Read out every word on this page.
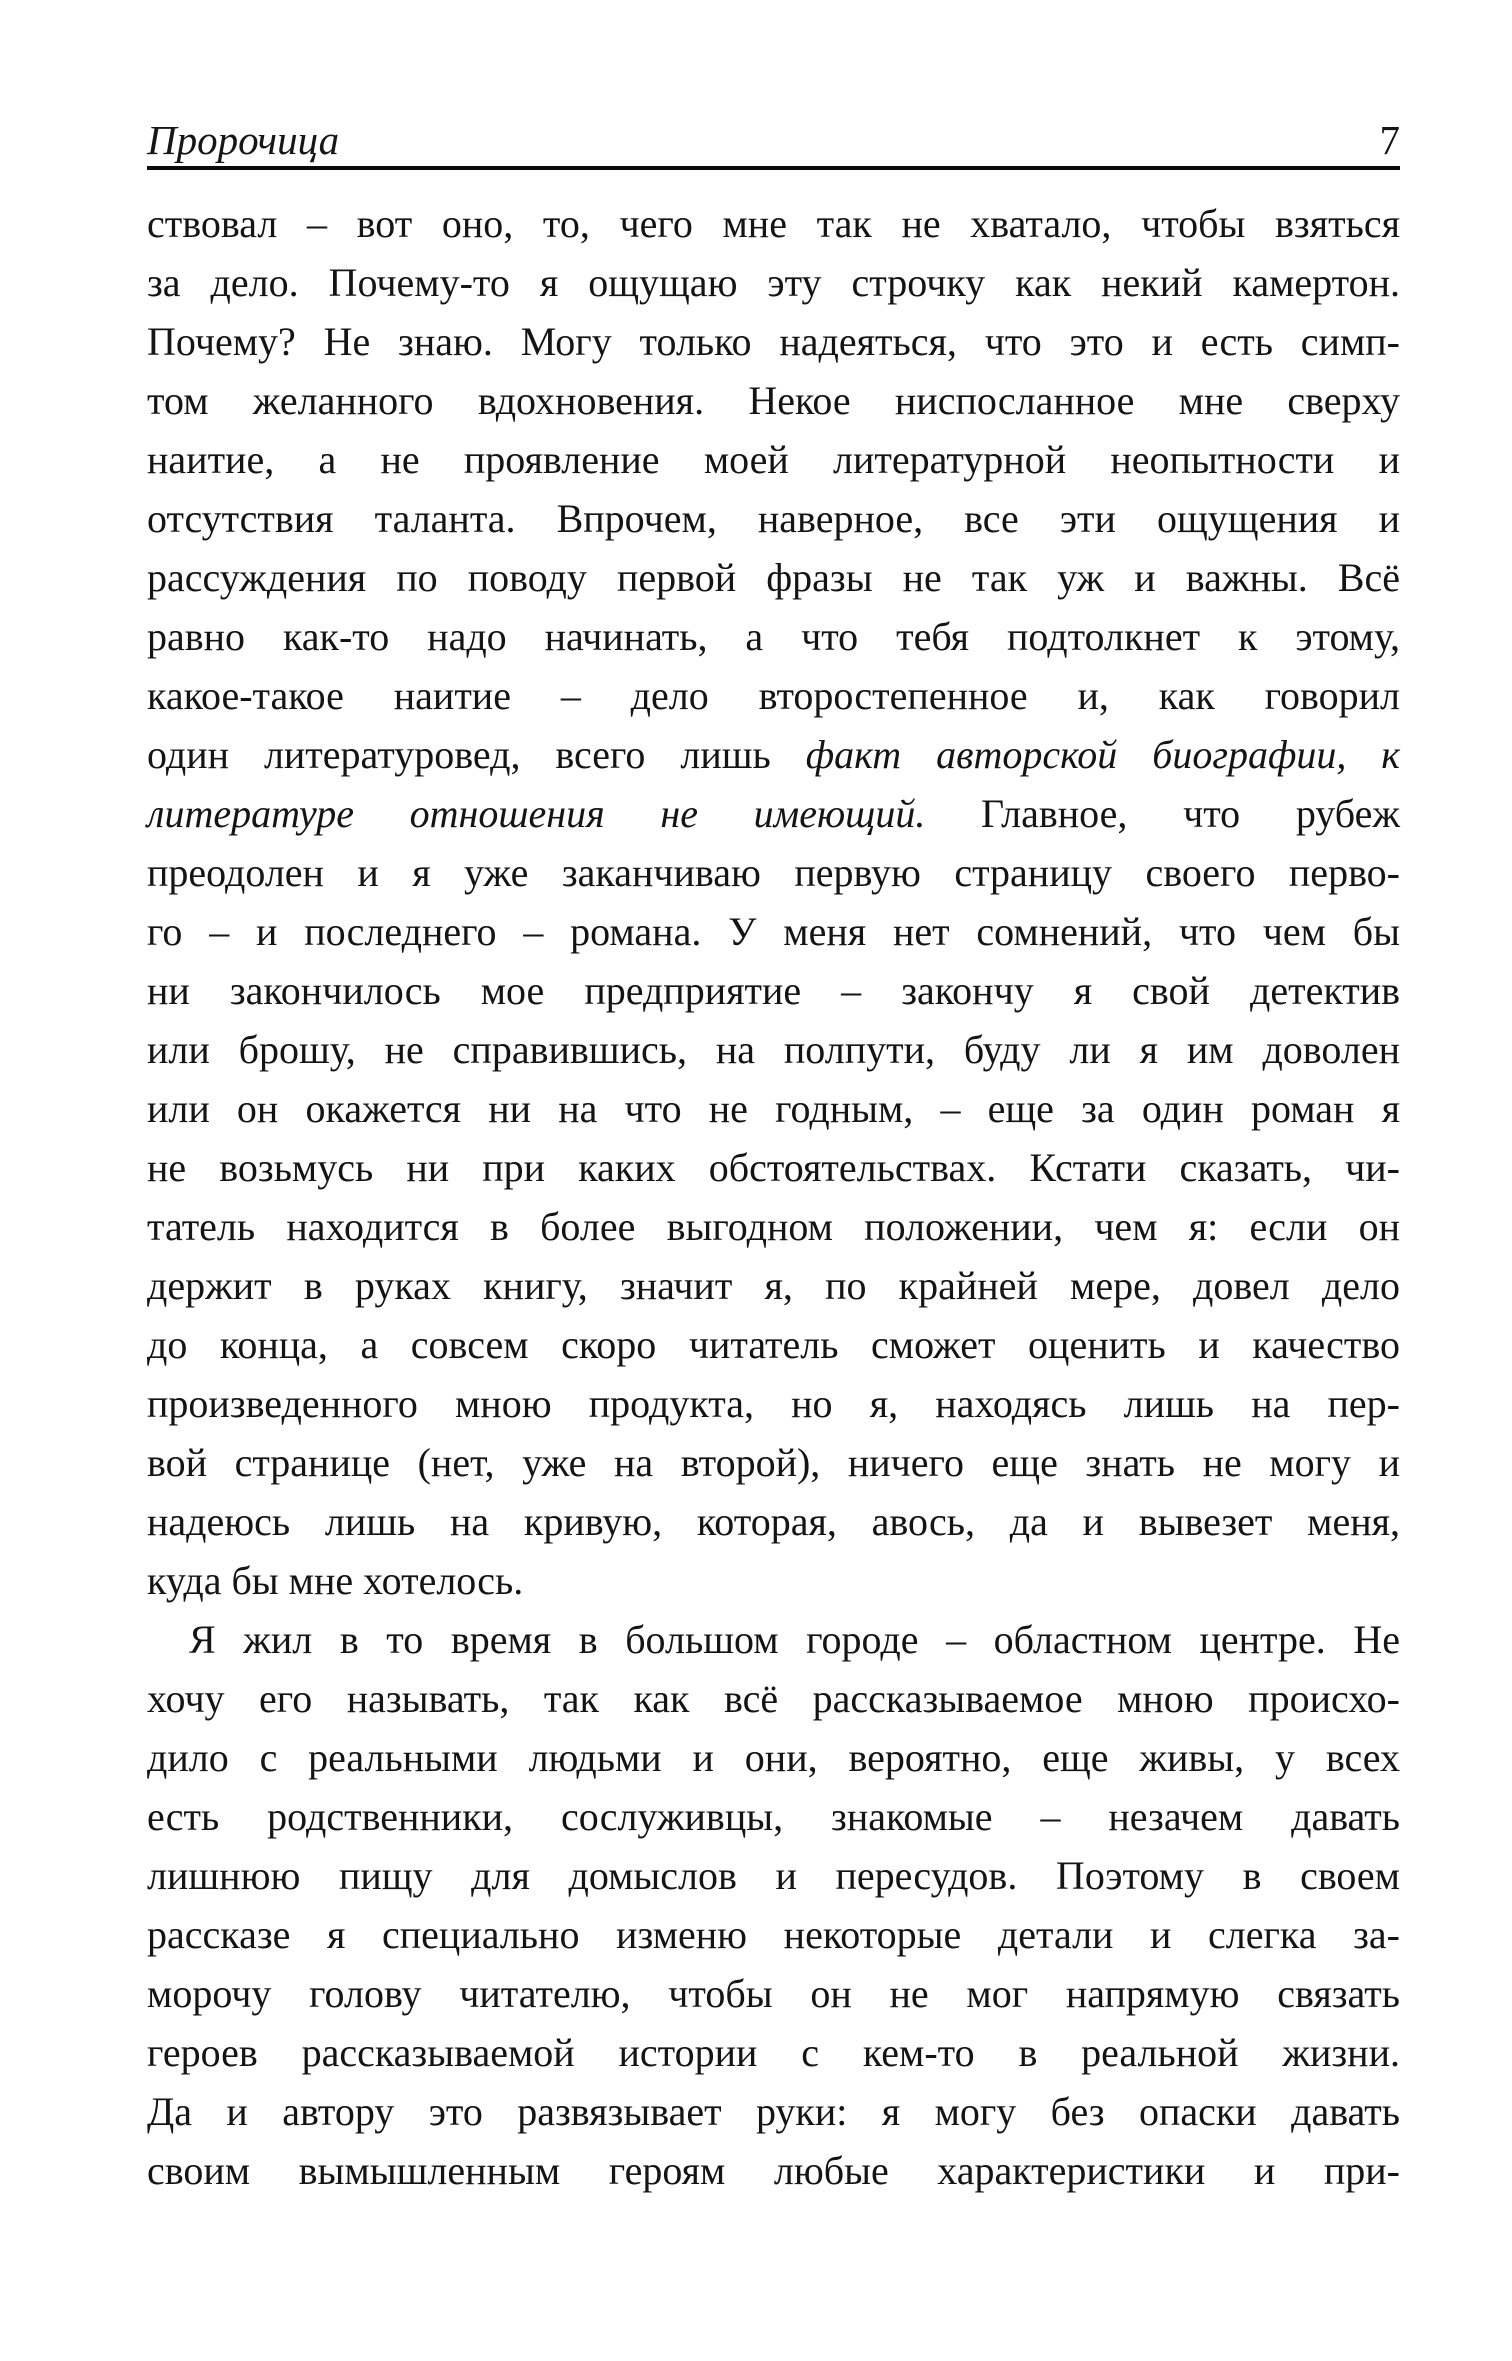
Пророчица	7
ствовал – вот оно, то, чего мне так не хватало, чтобы взяться
за дело. Почему-то я ощущаю эту строчку как некий камертон.
Почему? Не знаю. Могу только надеяться, что это и есть симп-
том желанного вдохновения. Некое ниспосланное мне сверху
наитие, а не проявление моей литературной неопытности и
отсутствия таланта. Впрочем, наверное, все эти ощущения и
рассуждения по поводу первой фразы не так уж и важны. Всё
равно как-то надо начинать, а что тебя подтолкнет к этому,
какое-такое наитие – дело второстепенное и, как говорил
один литературовед, всего лишь факт авторской биографии, к
литературе отношения не имеющий. Главное, что рубеж
преодолен и я уже заканчиваю первую страницу своего перво-
го – и последнего – романа. У меня нет сомнений, что чем бы
ни закончилось мое предприятие – закончу я свой детектив
или брошу, не справившись, на полпути, буду ли я им доволен
или он окажется ни на что не годным, – еще за один роман я
не возьмусь ни при каких обстоятельствах. Кстати сказать, чи-
татель находится в более выгодном положении, чем я: если он
держит в руках книгу, значит я, по крайней мере, довел дело
до конца, а совсем скоро читатель сможет оценить и качество
произведенного мною продукта, но я, находясь лишь на пер-
вой странице (нет, уже на второй), ничего еще знать не могу и
надеюсь лишь на кривую, которая, авось, да и вывезет меня,
куда бы мне хотелось.
Я жил в то время в большом городе – областном центре. Не
хочу его называть, так как всё рассказываемое мною происхо-
дило с реальными людьми и они, вероятно, еще живы, у всех
есть родственники, сослуживцы, знакомые – незачем давать
лишнюю пищу для домыслов и пересудов. Поэтому в своем
рассказе я специально изменю некоторые детали и слегка за-
морочу голову читателю, чтобы он не мог напрямую связать
героев рассказываемой истории с кем-то в реальной жизни.
Да и автору это развязывает руки: я могу без опаски давать
своим вымышленным героям любые характеристики и при-
